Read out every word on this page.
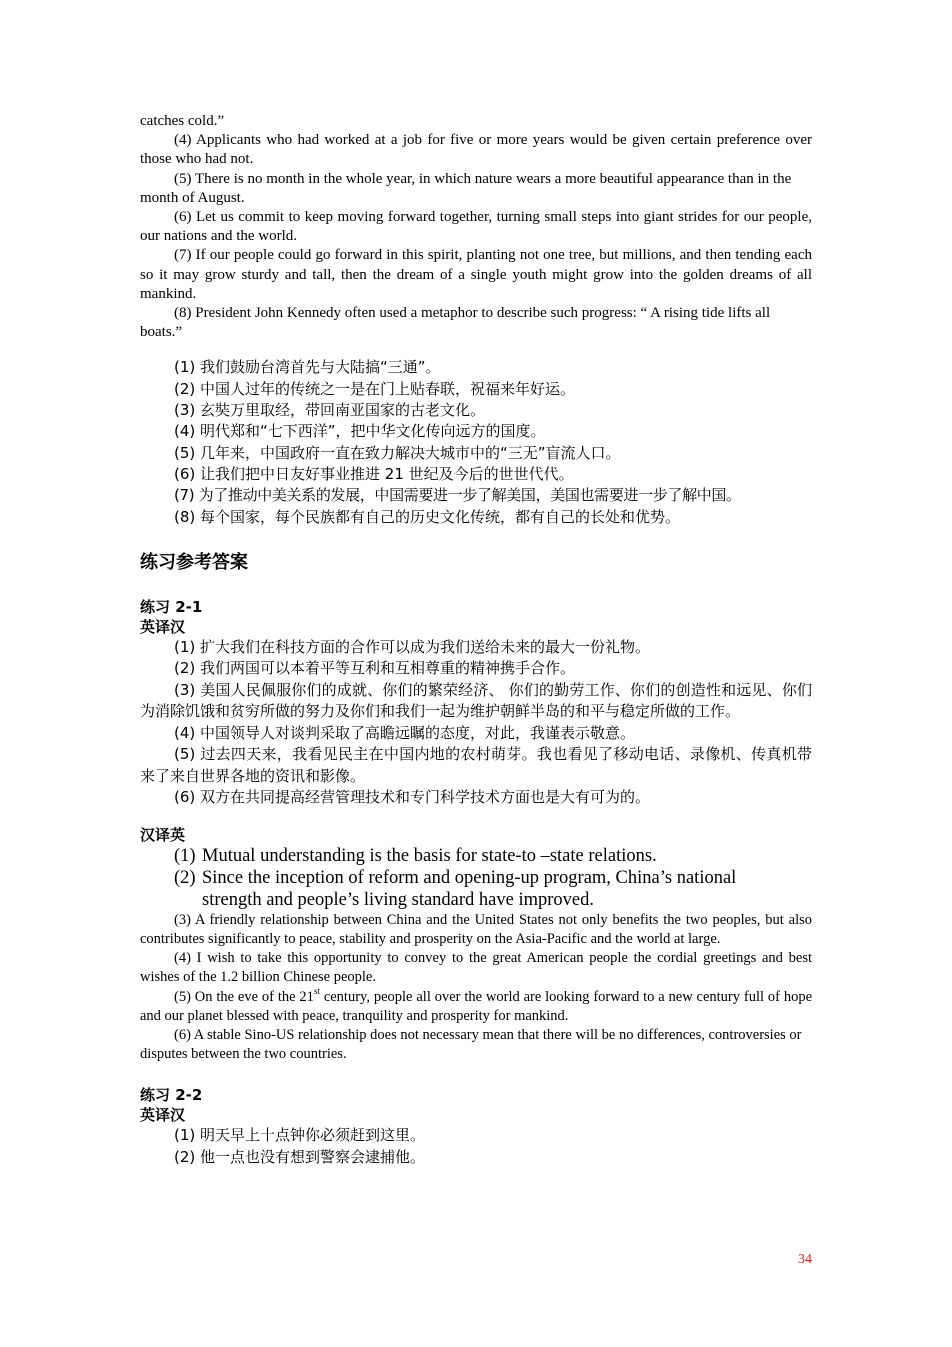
catches cold.”

(4) Applicants who had worked at a job for five or more years would be given certain preference over those who had not.

(5) There is no month in the whole year, in which nature wears a more beautiful appearance than in the month of August.

(6) Let us commit to keep moving forward together, turning small steps into giant strides for our people, our nations and the world.

(7) If our people could go forward in this spirit, planting not one tree, but millions, and then tending each so it may grow sturdy and tall, then the dream of a single youth might grow into the golden dreams of all mankind.

(8) President John Kennedy often used a metaphor to describe such progress: “ A rising tide lifts all boats.”

(1) 我们鼓励台湾首先与大陆搞“三通”。

(2) 中国人过年的传统之一是在门上贴春联，祝福来年好运。

(3) 玄奘万里取经，带回南亚国家的古老文化。

(4) 明代郑和“七下西洋”，把中华文化传向远方的国度。

(5) 几年来，中国政府一直在致力解决大城市中的“三无”盲流人口。

(6) 让我们把中日友好事业推进 21 世纪及今后的世世代代。

(7) 为了推动中美关系的发展，中国需要进一步了解美国，美国也需要进一步了解中国。

(8) 每个国家，每个民族都有自己的历史文化传统，都有自己的长处和优势。

练习参考答案
练习 2-1
英译汉

(1) 扩大我们在科技方面的合作可以成为我们送给未来的最大一份礼物。

(2) 我们两国可以本着平等互利和互相尊重的精神携手合作。

(3) 美国人民佩服你们的成就、你们的繁荣经济、 你们的勤劳工作、你们的创造性和远见、你们为消除饥饿和贫穷所做的努力及你们和我们一起为维护朝鲜半岛的和平与稳定所做的工作。

(4) 中国领导人对谈判采取了高瞻远瞩的态度，对此，我谨表示敬意。

(5) 过去四天来，我看见民主在中国内地的农村萌芽。我也看见了移动电话、录像机、传真机带来了来自世界各地的资讯和影像。

(6) 双方在共同提高经营管理技术和专门科学技术方面也是大有可为的。

汉译英

(1) Mutual understanding is the basis for state-to –state relations.

(2) Since the inception of reform and opening-up program, China’s national
strength and people’s living standard have improved.

(3) A friendly relationship between China and the United States not only benefits the two peoples, but also contributes significantly to peace, stability and prosperity on the Asia-Pacific and the world at large.

(4) I wish to take this opportunity to convey to the great American people the cordial greetings and best wishes of the 1.2 billion Chinese people.

(5) On the eve of the 21st century, people all over the world are looking forward to a new century full of hope and our planet blessed with peace, tranquility and prosperity for mankind.

(6) A stable Sino-US relationship does not necessary mean that there will be no differences, controversies or disputes between the two countries.

练习 2-2
英译汉

(1) 明天早上十点钟你必须赶到这里。

(2) 他一点也没有想到警察会逮捕他。

34
